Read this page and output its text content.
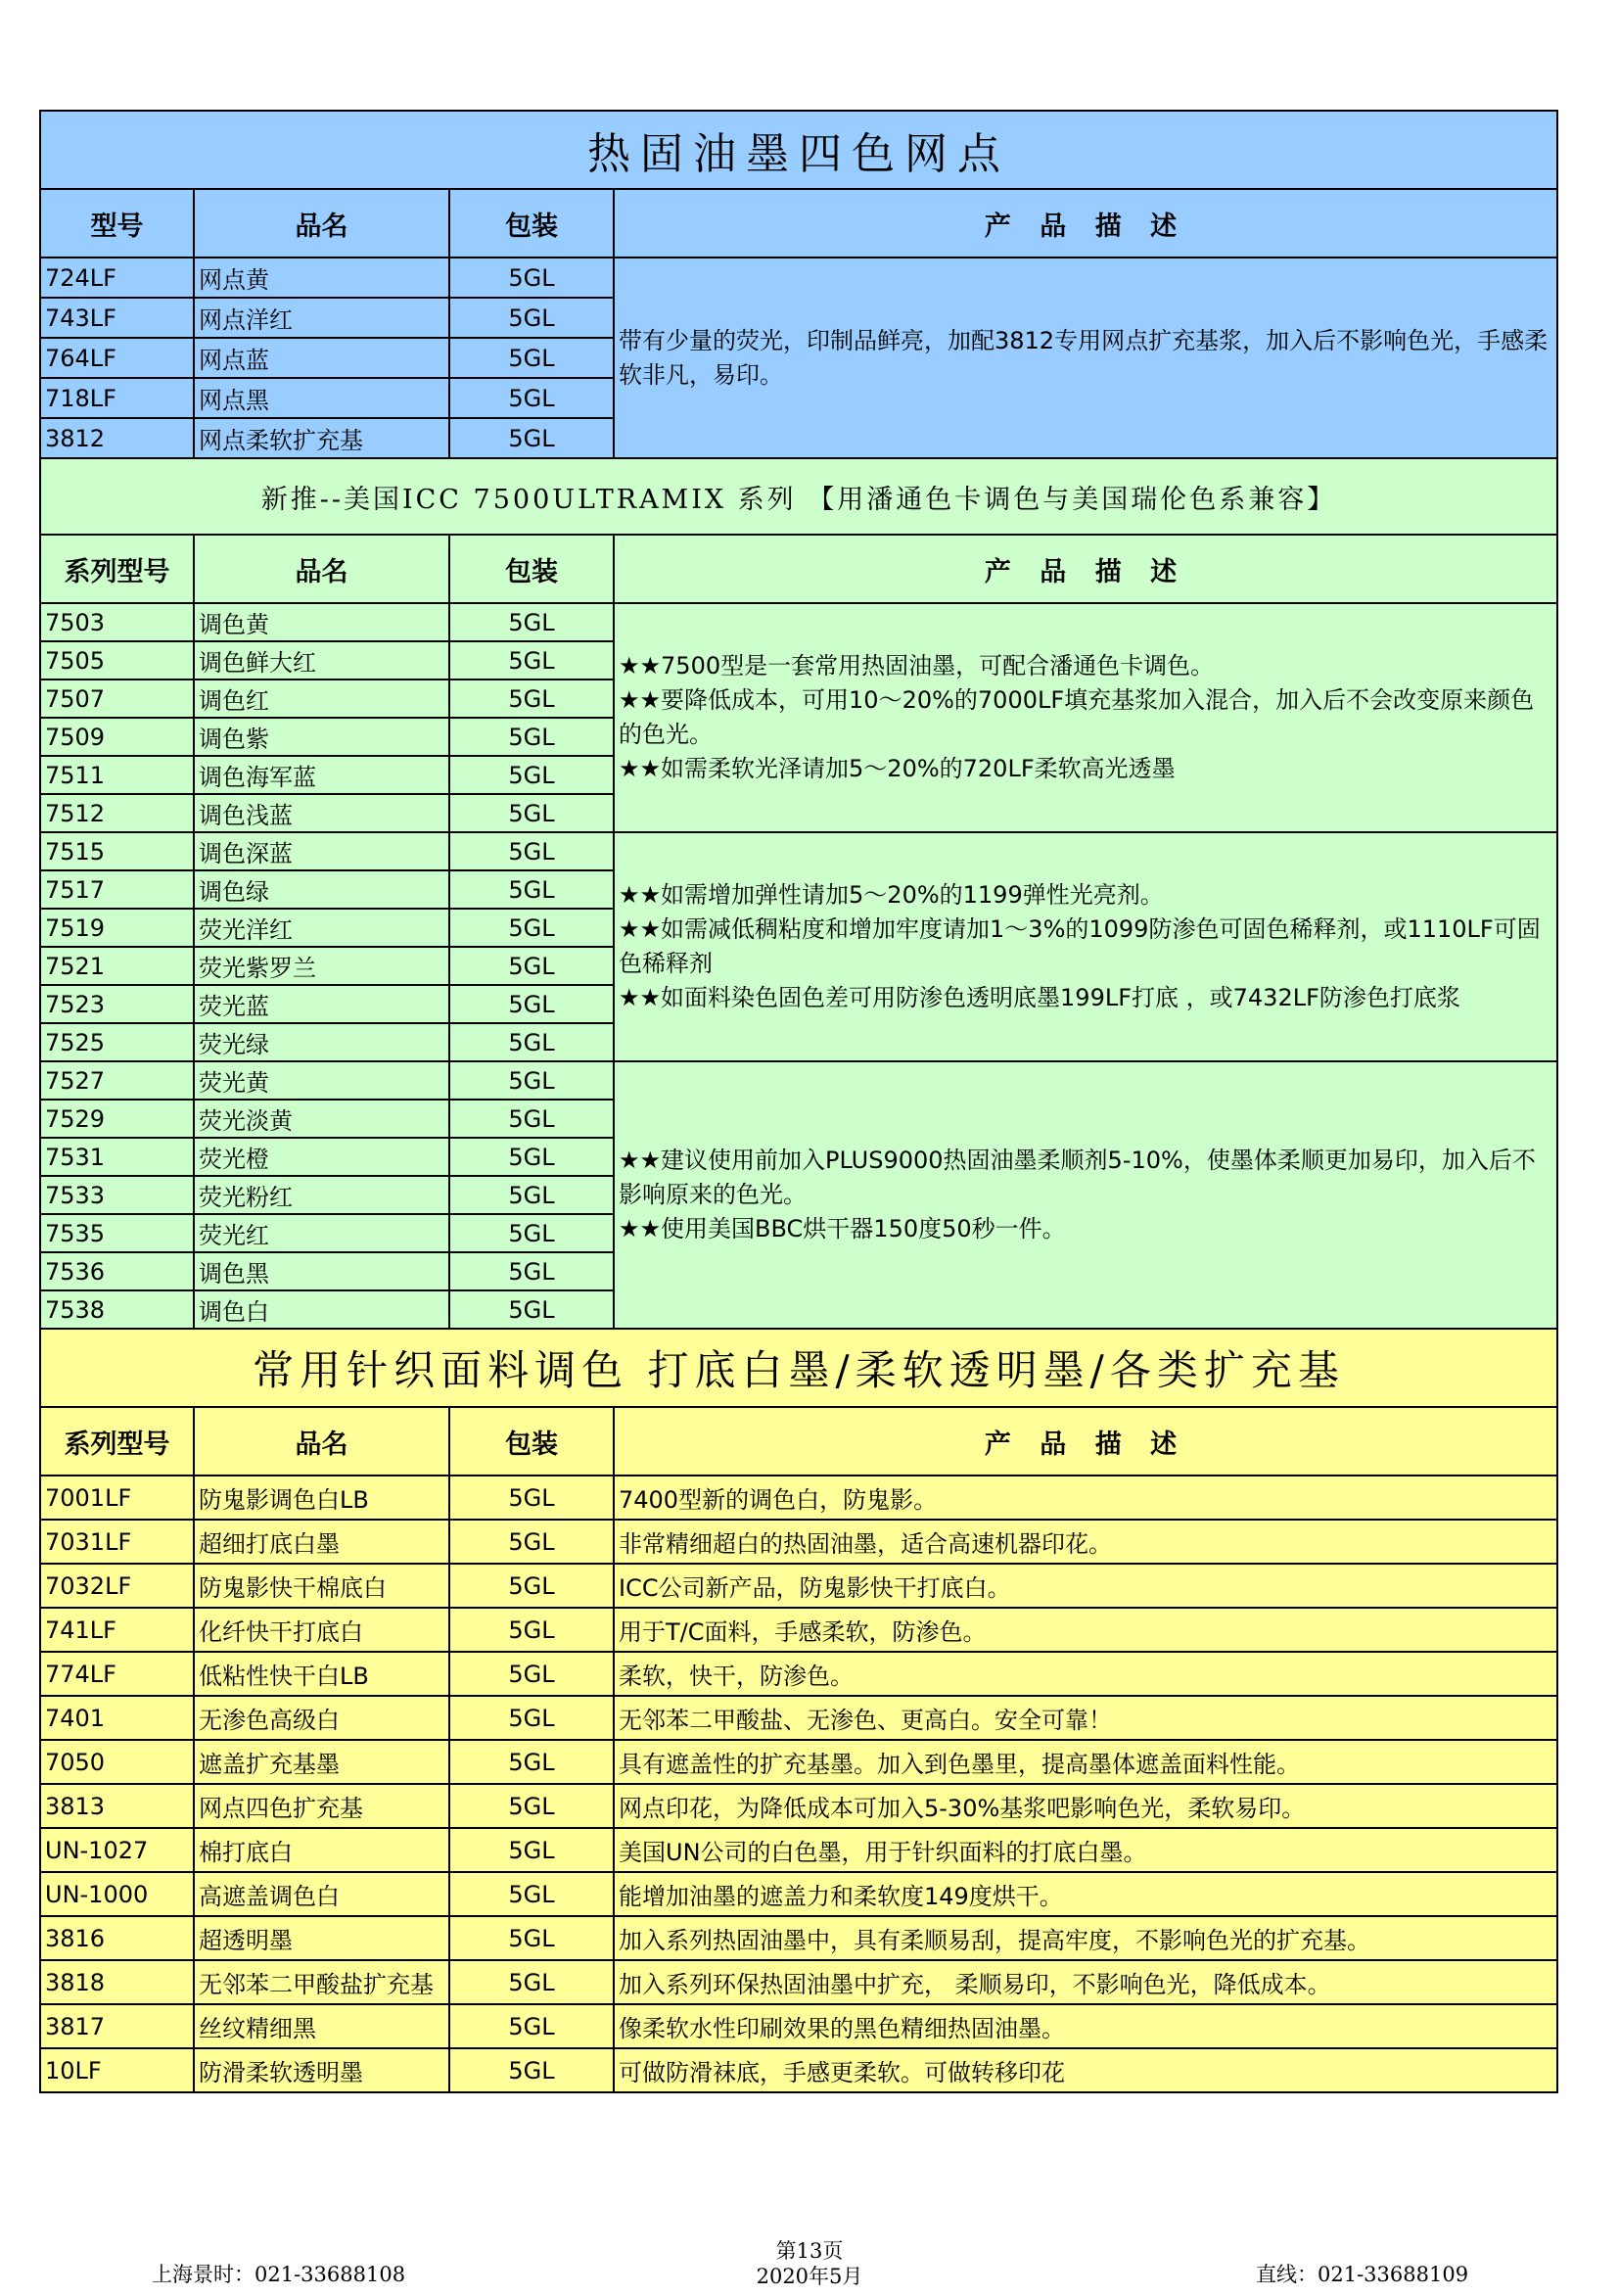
热固油墨四色网点			
型号	品名	包装	产 品 描 述
724LF	网点黄	5GL	带有少量的荧光，印制品鲜亮，加配3812专用网点扩充基浆，加入后不影响色光，手感柔软非凡，易印。

743LF	网点洋红	5GL	
764LF	网点蓝	5GL	
718LF	网点黑	5GL	
3812	网点柔软扩充基	5GL	
新推--美国ICC 7500ULTRAMIX 系列 【用潘通色卡调色与美国瑞伦色系兼容】			
系列型号	品名	包装	产 品 描 述
7503	调色黄	5GL	★★7500型是一套常用热固油墨，可配合潘通色卡调色。

★★要降低成本，可用10～20%的7000LF填充基浆加入混合，加入后不会改变原来颜色的色光。

★★如需柔软光泽请加5～20%的720LF柔软高光透墨

7505	调色鲜大红	5GL	
7507	调色红	5GL	
7509	调色紫	5GL	
7511	调色海军蓝	5GL	
7512	调色浅蓝	5GL	
7515	调色深蓝	5GL	★★如需增加弹性请加5～20%的1199弹性光亮剂。

★★如需减低稠粘度和增加牢度请加1～3%的1099防渗色可固色稀释剂，或1110LF可固色稀释剂

★★如面料染色固色差可用防渗色透明底墨199LF打底 ，或7432LF防渗色打底浆

7517	调色绿	5GL	
7519	荧光洋红	5GL	
7521	荧光紫罗兰	5GL	
7523	荧光蓝	5GL	
7525	荧光绿	5GL	
7527	荧光黄	5GL	★★建议使用前加入PLUS9000热固油墨柔顺剂5-10%，使墨体柔顺更加易印，加入后不影响原来的色光。

★★使用美国BBC烘干器150度50秒一件。

7529	荧光淡黄	5GL	
7531	荧光橙	5GL	
7533	荧光粉红	5GL	
7535	荧光红	5GL	
7536	调色黑	5GL	
7538	调色白	5GL	
常用针织面料调色 打底白墨/柔软透明墨/各类扩充基			
系列型号	品名	包装	产 品 描 述
7001LF	防鬼影调色白LB	5GL	7400型新的调色白，防鬼影。
7031LF	超细打底白墨	5GL	非常精细超白的热固油墨，适合高速机器印花。
7032LF	防鬼影快干棉底白	5GL	ICC公司新产品，防鬼影快干打底白。
741LF	化纤快干打底白	5GL	用于T/C面料，手感柔软，防渗色。
774LF	低粘性快干白LB	5GL	柔软，快干，防渗色。
7401	无渗色高级白	5GL	无邻苯二甲酸盐、无渗色、更高白。安全可靠！
7050	遮盖扩充基墨	5GL	具有遮盖性的扩充基墨。加入到色墨里，提高墨体遮盖面料性能。
3813	网点四色扩充基	5GL	网点印花，为降低成本可加入5-30%基浆吧影响色光，柔软易印。
UN-1027	棉打底白	5GL	美国UN公司的白色墨，用于针织面料的打底白墨。
UN-1000	高遮盖调色白	5GL	能增加油墨的遮盖力和柔软度149度烘干。
3816	超透明墨	5GL	加入系列热固油墨中，具有柔顺易刮，提高牢度，不影响色光的扩充基。
3818	无邻苯二甲酸盐扩充基	5GL	加入系列环保热固油墨中扩充， 柔顺易印，不影响色光，降低成本。
3817	丝纹精细黑	5GL	像柔软水性印刷效果的黑色精细热固油墨。
10LF	防滑柔软透明墨	5GL	可做防滑袜底，手感更柔软。可做转移印花
上海景时：021-33688108
第13页
2020年5月	直线：021-33688109
